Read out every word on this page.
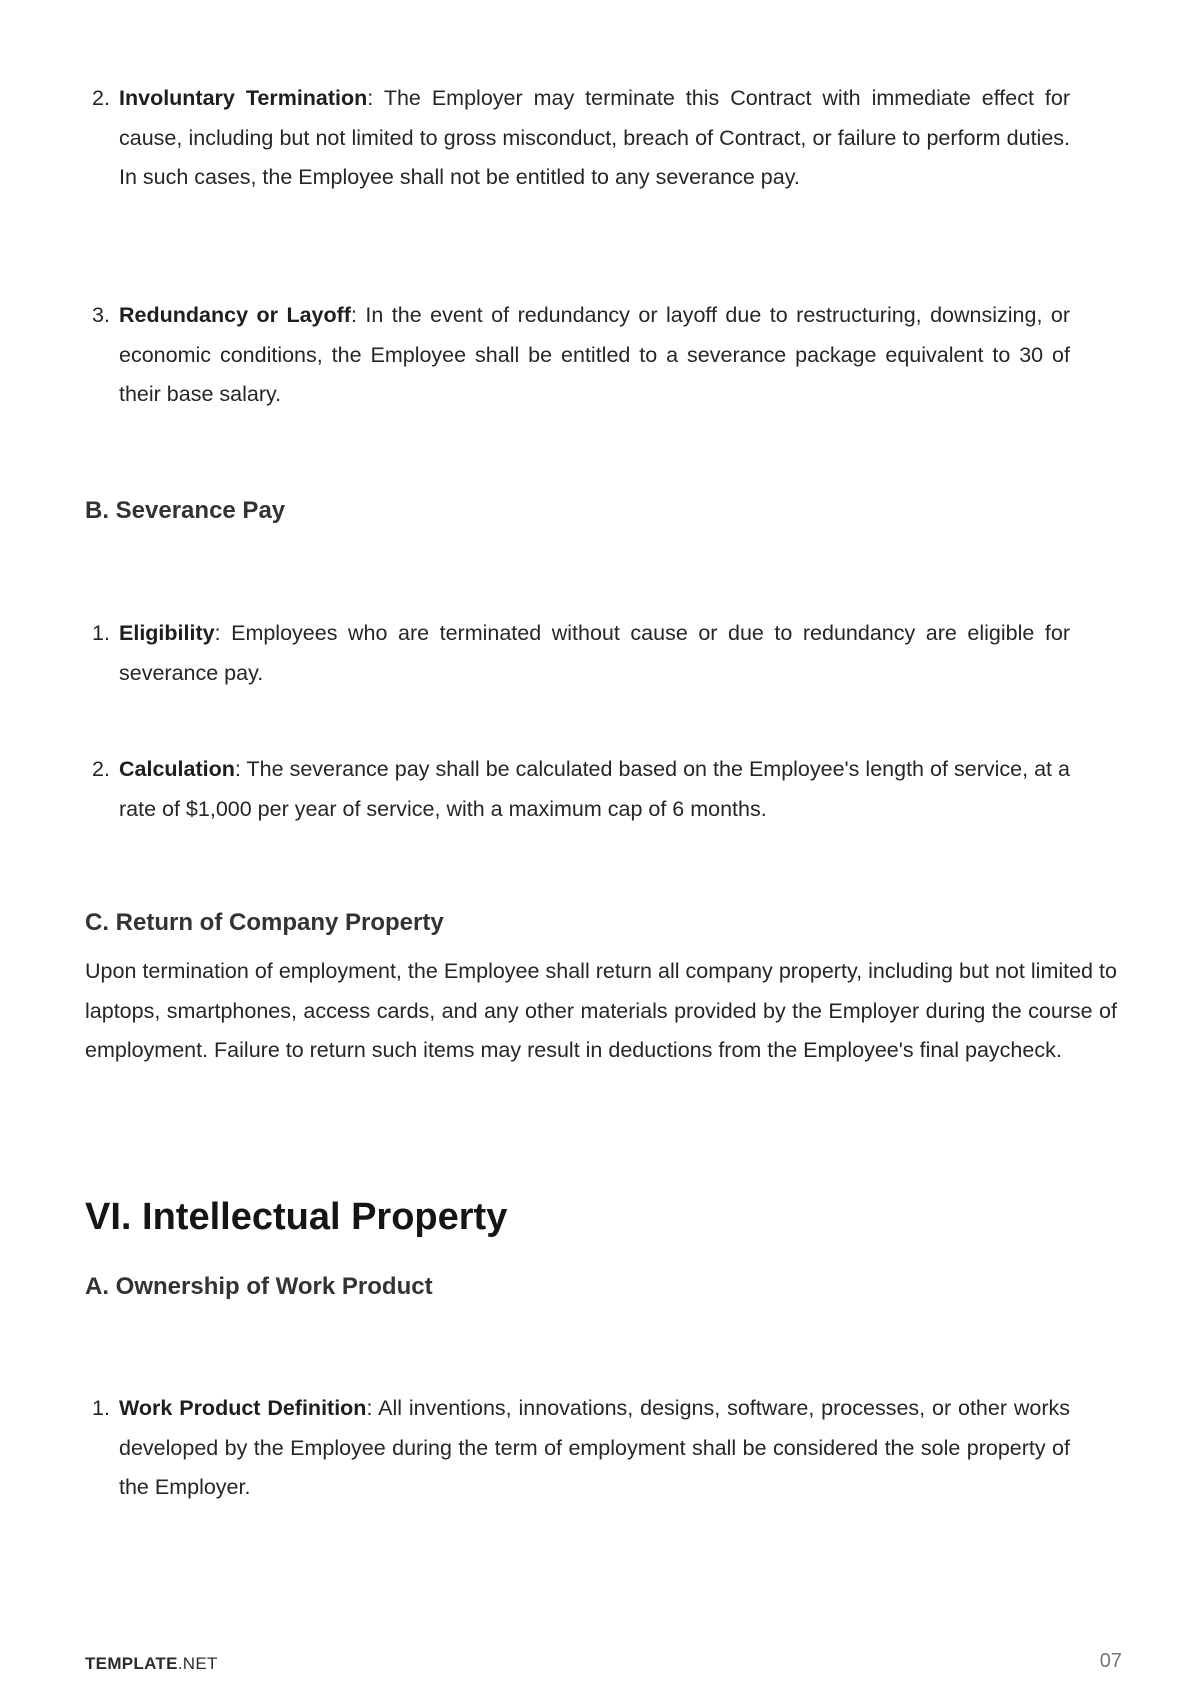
2. Involuntary Termination: The Employer may terminate this Contract with immediate effect for cause, including but not limited to gross misconduct, breach of Contract, or failure to perform duties. In such cases, the Employee shall not be entitled to any severance pay.

3. Redundancy or Layoff: In the event of redundancy or layoff due to restructuring, downsizing, or economic conditions, the Employee shall be entitled to a severance package equivalent to 30 of their base salary.

B. Severance Pay
1. Eligibility: Employees who are terminated without cause or due to redundancy are eligible for severance pay.

2. Calculation: The severance pay shall be calculated based on the Employee's length of service, at a rate of $1,000 per year of service, with a maximum cap of 6 months.

C. Return of Company Property

Upon termination of employment, the Employee shall return all company property, including but not limited to laptops, smartphones, access cards, and any other materials provided by the Employer during the course of employment. Failure to return such items may result in deductions from the Employee's final paycheck.

VI. Intellectual Property
A. Ownership of Work Product
1. Work Product Definition: All inventions, innovations, designs, software, processes, or other works developed by the Employee during the term of employment shall be considered the sole property of the Employer.

TEMPLATE.NET	07
